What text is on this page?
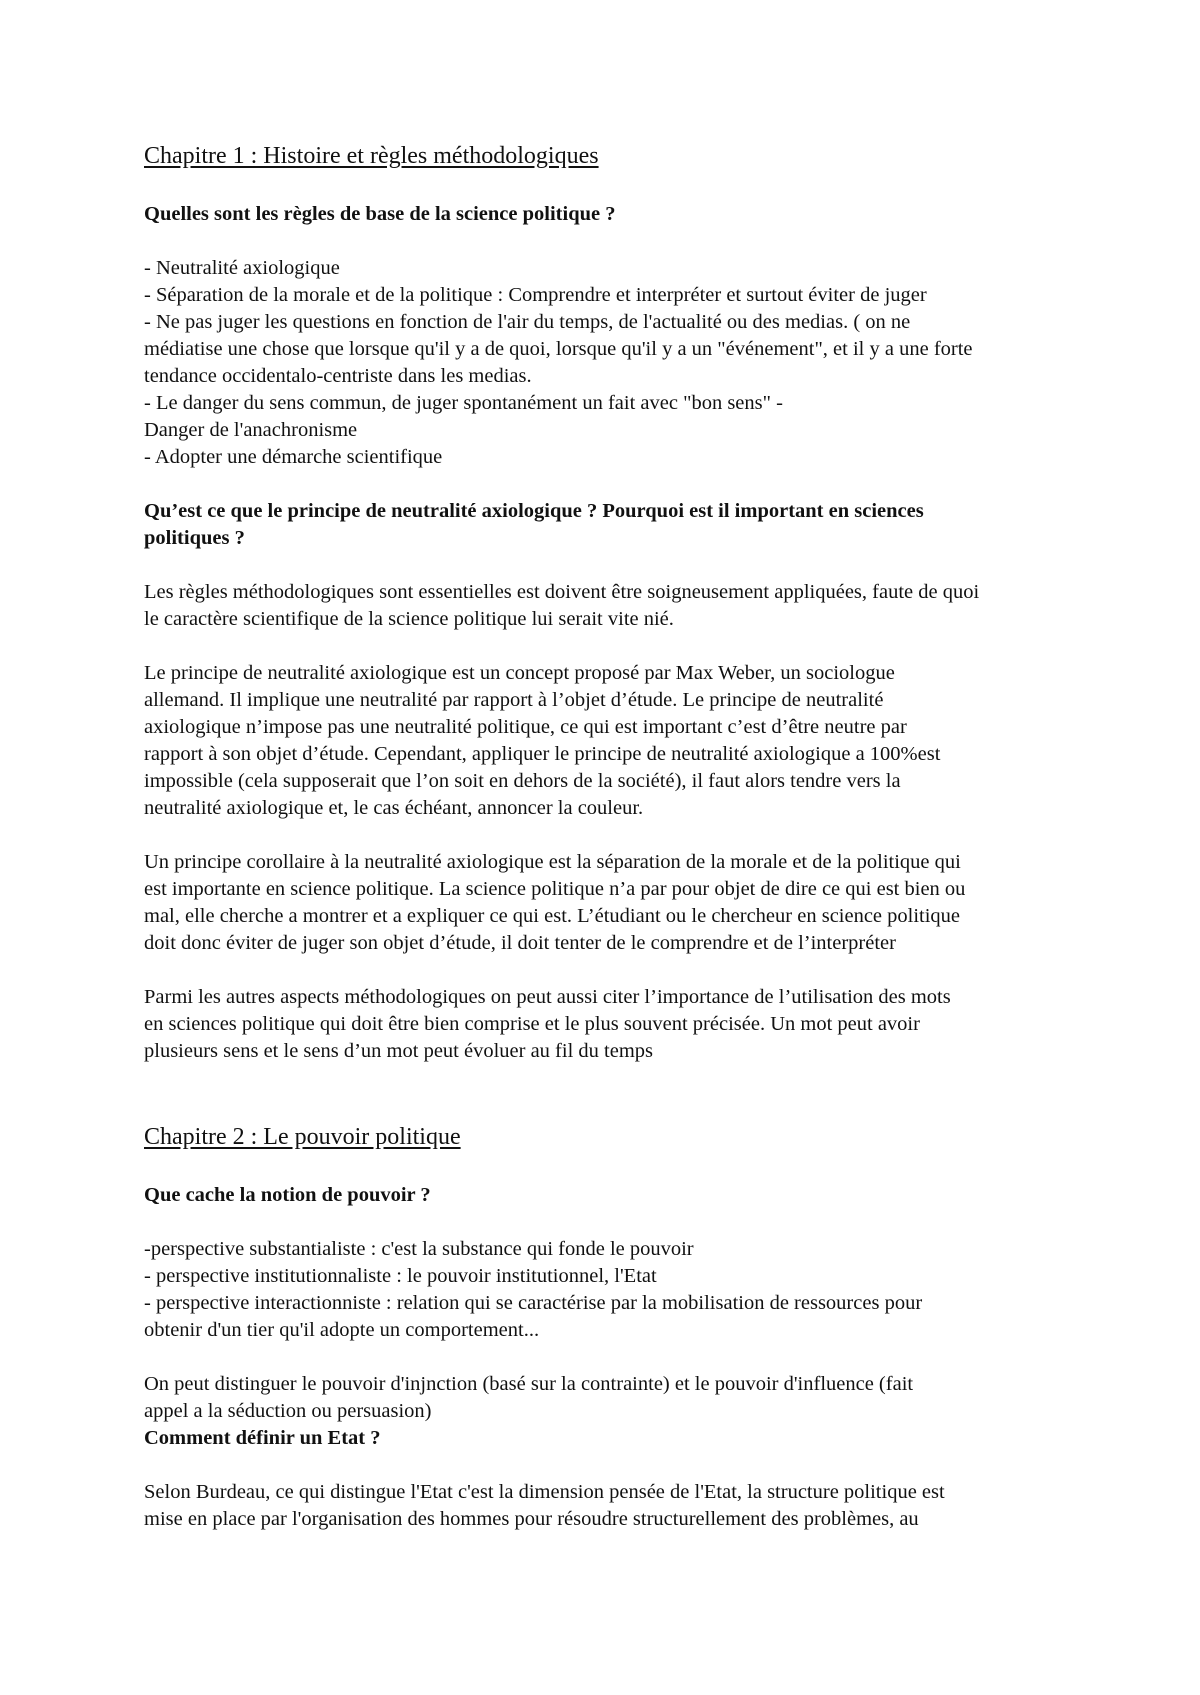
Chapitre 1 : Histoire et règles méthodologiques

Quelles sont les règles de base de la science politique ?

- Neutralité axiologique

- Séparation de la morale et de la politique : Comprendre et interpréter et surtout éviter de juger

- Ne pas juger les questions en fonction de l'air du temps, de l'actualité ou des medias. ( on ne

médiatise une chose que lorsque qu'il y a de quoi, lorsque qu'il y a un "événement", et il y a une forte

tendance occidentalo-centriste dans les medias.

- Le danger du sens commun, de juger spontanément un fait avec "bon sens" -

Danger de l'anachronisme

- Adopter une démarche scientifique

Qu’est ce que le principe de neutralité axiologique ? Pourquoi est il important en sciences

politiques ?

Les règles méthodologiques sont essentielles est doivent être soigneusement appliquées, faute de quoi

le caractère scientifique de la science politique lui serait vite nié.

Le principe de neutralité axiologique est un concept proposé par Max Weber, un sociologue

allemand. Il implique une neutralité par rapport à l’objet d’étude. Le principe de neutralité

axiologique n’impose pas une neutralité politique, ce qui est important c’est d’être neutre par

rapport à son objet d’étude. Cependant, appliquer le principe de neutralité axiologique a 100%est

impossible (cela supposerait que l’on soit en dehors de la société), il faut alors tendre vers la

neutralité axiologique et, le cas échéant, annoncer la couleur.

Un principe corollaire à la neutralité axiologique est la séparation de la morale et de la politique qui

est importante en science politique. La science politique n’a par pour objet de dire ce qui est bien ou

mal, elle cherche a montrer et a expliquer ce qui est. L’étudiant ou le chercheur en science politique

doit donc éviter de juger son objet d’étude, il doit tenter de le comprendre et de l’interpréter

Parmi les autres aspects méthodologiques on peut aussi citer l’importance de l’utilisation des mots

en sciences politique qui doit être bien comprise et le plus souvent précisée. Un mot peut avoir

plusieurs sens et le sens d’un mot peut évoluer au fil du temps

Chapitre 2 : Le pouvoir politique

Que cache la notion de pouvoir ?

-perspective substantialiste : c'est la substance qui fonde le pouvoir

- perspective institutionnaliste : le pouvoir institutionnel, l'Etat

- perspective interactionniste : relation qui se caractérise par la mobilisation de ressources pour

obtenir d'un tier qu'il adopte un comportement...

On peut distinguer le pouvoir d'injnction (basé sur la contrainte) et le pouvoir d'influence (fait

appel a la séduction ou persuasion)

Comment définir un Etat ?

Selon Burdeau, ce qui distingue l'Etat c'est la dimension pensée de l'Etat, la structure politique est

mise en place par l'organisation des hommes pour résoudre structurellement des problèmes, au
